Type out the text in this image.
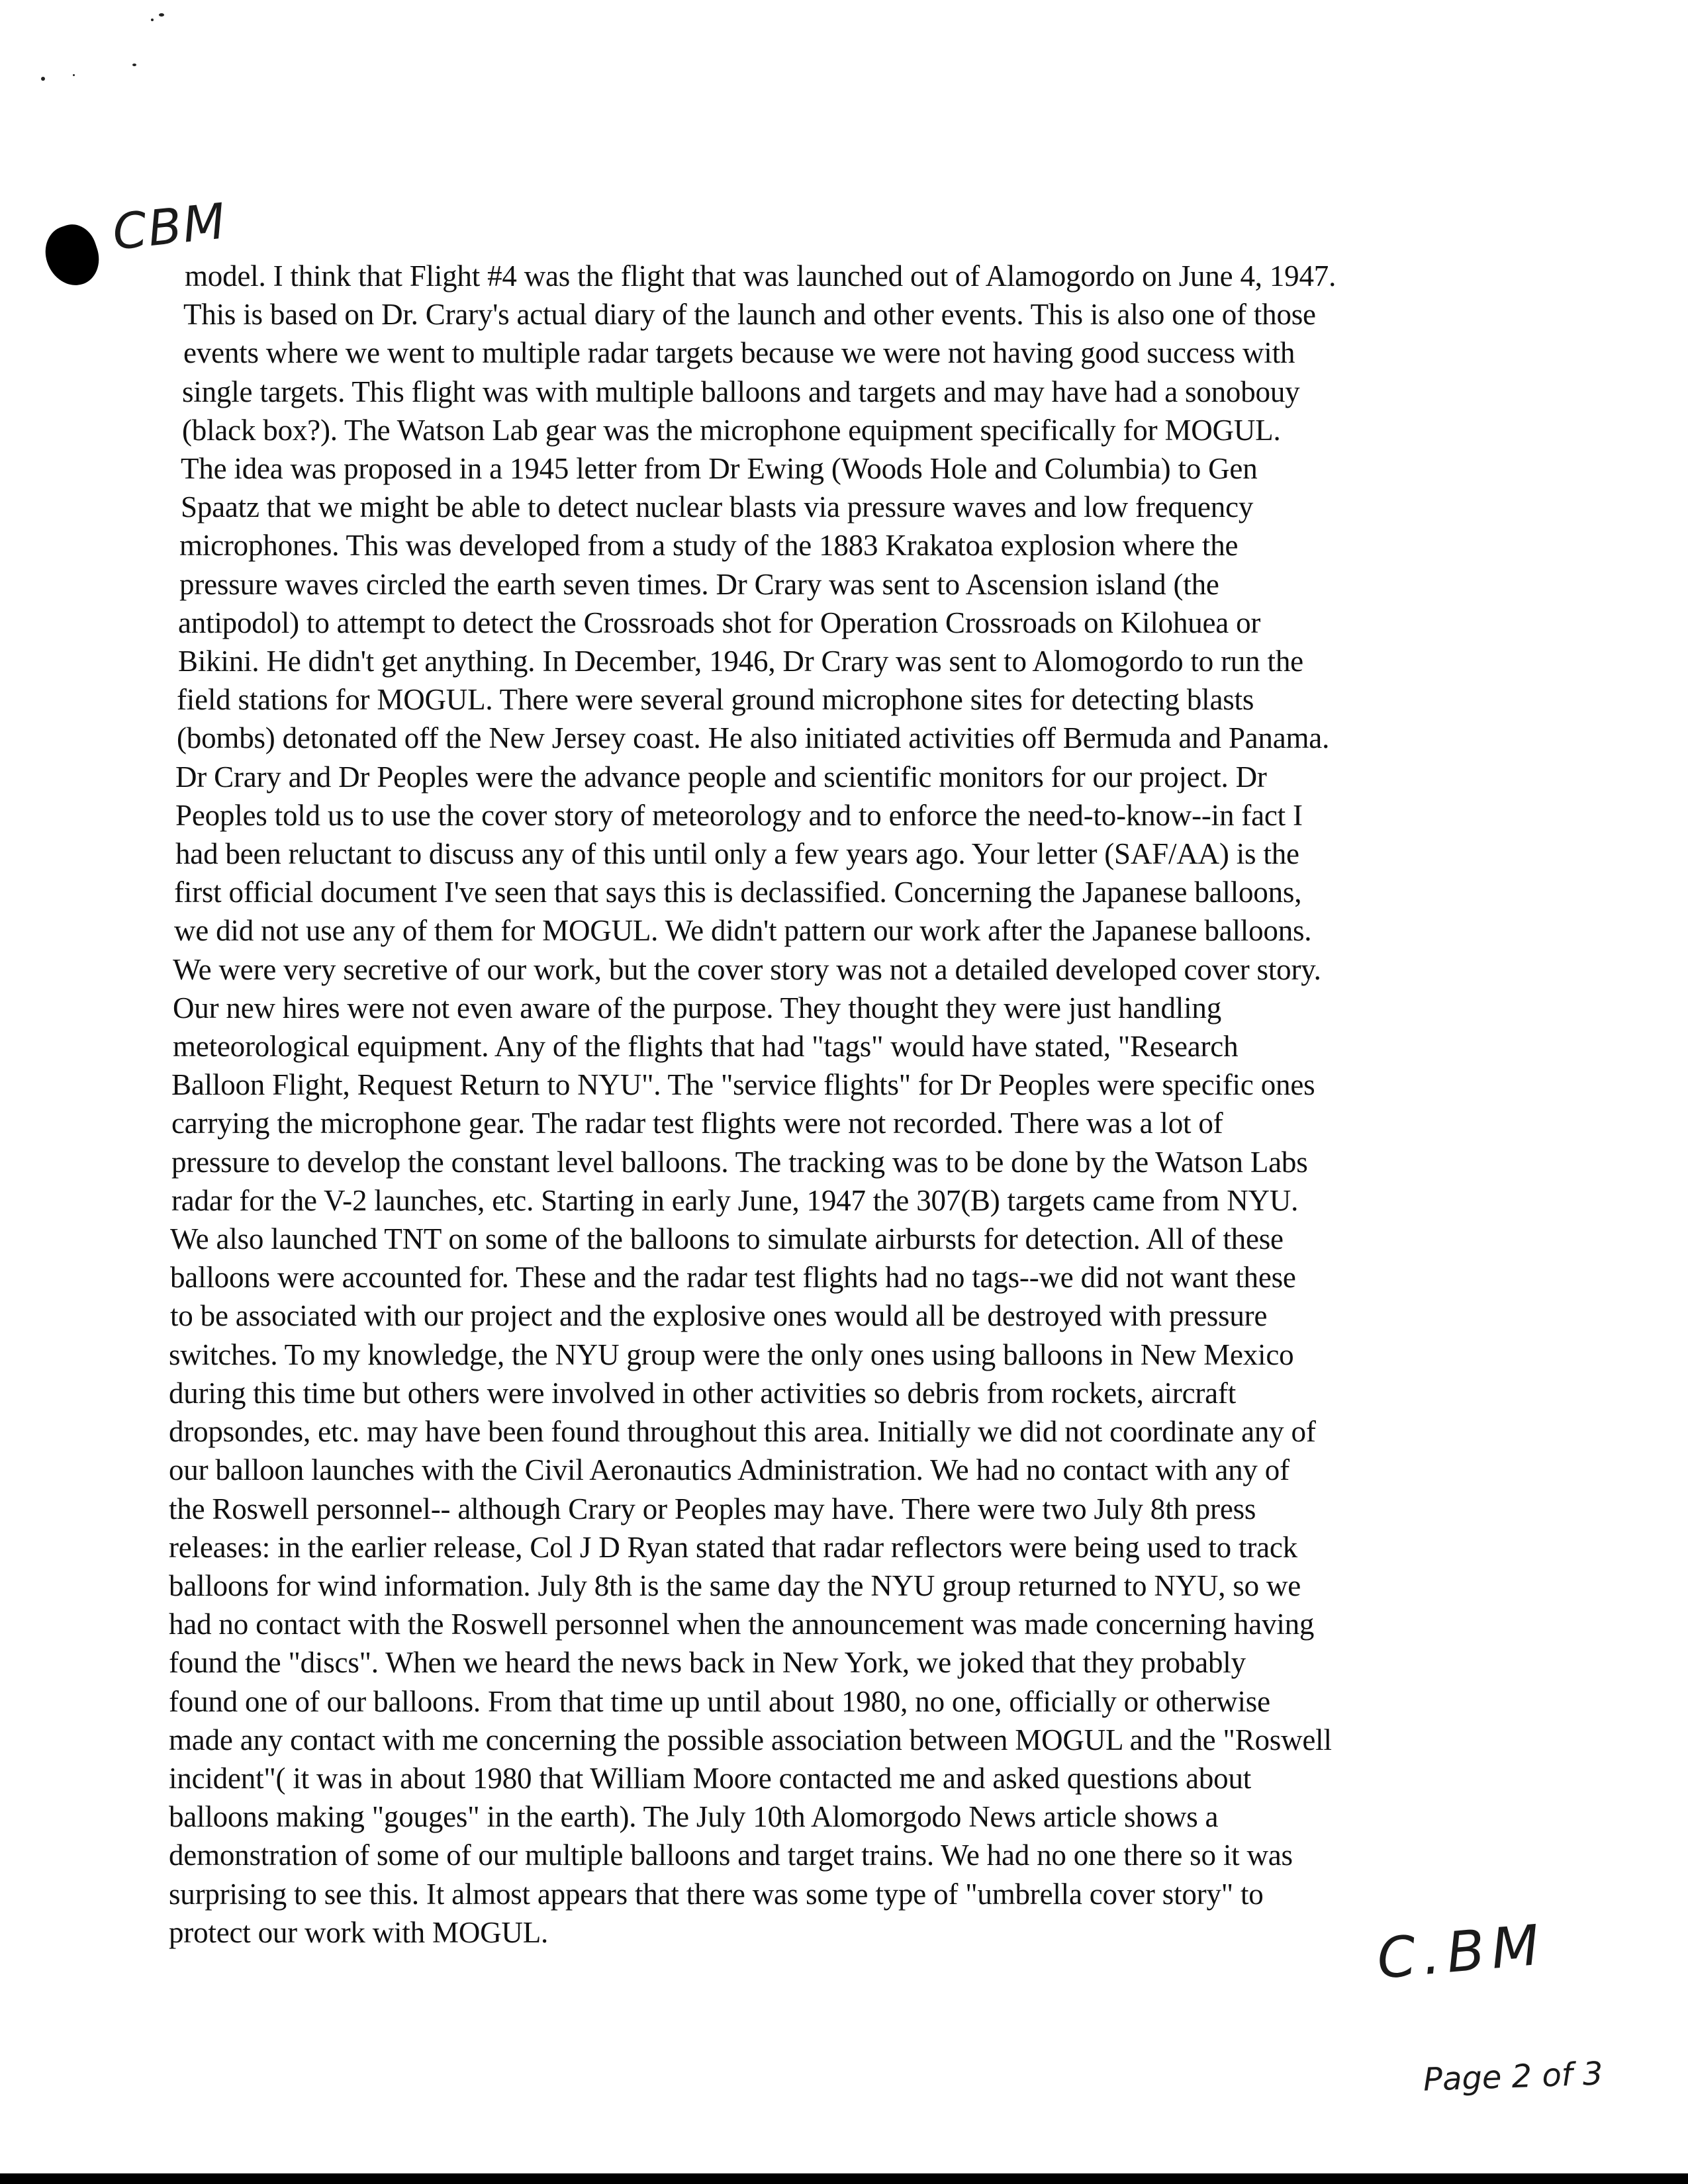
CBM
model. I think that Flight #4 was the flight that was launched out of Alamogordo on June 4, 1947.
This is based on Dr. Crary's actual diary of the launch and other events. This is also one of those
events where we went to multiple radar targets because we were not having good success with
single targets. This flight was with multiple balloons and targets and may have had a sonobouy
(black box?). The Watson Lab gear was the microphone equipment specifically for MOGUL.
The idea was proposed in a 1945 letter from Dr Ewing (Woods Hole and Columbia) to Gen
Spaatz that we might be able to detect nuclear blasts via pressure waves and low frequency
microphones. This was developed from a study of the 1883 Krakatoa explosion where the
pressure waves circled the earth seven times. Dr Crary was sent to Ascension island (the
antipodol) to attempt to detect the Crossroads shot for Operation Crossroads on Kilohuea or
Bikini. He didn't get anything. In December, 1946, Dr Crary was sent to Alomogordo to run the
field stations for MOGUL. There were several ground microphone sites for detecting blasts
(bombs) detonated off the New Jersey coast. He also initiated activities off Bermuda and Panama.
Dr Crary and Dr Peoples were the advance people and scientific monitors for our project. Dr
Peoples told us to use the cover story of meteorology and to enforce the need-to-know--in fact I
had been reluctant to discuss any of this until only a few years ago. Your letter (SAF/AA) is the
first official document I've seen that says this is declassified. Concerning the Japanese balloons,
we did not use any of them for MOGUL. We didn't pattern our work after the Japanese balloons.
We were very secretive of our work, but the cover story was not a detailed developed cover story.
Our new hires were not even aware of the purpose. They thought they were just handling
meteorological equipment. Any of the flights that had "tags" would have stated, "Research
Balloon Flight, Request Return to NYU". The "service flights" for Dr Peoples were specific ones
carrying the microphone gear. The radar test flights were not recorded. There was a lot of
pressure to develop the constant level balloons. The tracking was to be done by the Watson Labs
radar for the V-2 launches, etc. Starting in early June, 1947 the 307(B) targets came from NYU.
We also launched TNT on some of the balloons to simulate airbursts for detection. All of these
balloons were accounted for. These and the radar test flights had no tags--we did not want these
to be associated with our project and the explosive ones would all be destroyed with pressure
switches. To my knowledge, the NYU group were the only ones using balloons in New Mexico
during this time but others were involved in other activities so debris from rockets, aircraft
dropsondes, etc. may have been found throughout this area. Initially we did not coordinate any of
our balloon launches with the Civil Aeronautics Administration. We had no contact with any of
the Roswell personnel-- although Crary or Peoples may have. There were two July 8th press
releases: in the earlier release, Col J D Ryan stated that radar reflectors were being used to track
balloons for wind information. July 8th is the same day the NYU group returned to NYU, so we
had no contact with the Roswell personnel when the announcement was made concerning having
found the "discs". When we heard the news back in New York, we joked that they probably
found one of our balloons. From that time up until about 1980, no one, officially or otherwise
made any contact with me concerning the possible association between MOGUL and the "Roswell
incident"( it was in about 1980 that William Moore contacted me and asked questions about
balloons making "gouges" in the earth). The July 10th Alomorgodo News article shows a
demonstration of some of our multiple balloons and target trains. We had no one there so it was
surprising to see this. It almost appears that there was some type of "umbrella cover story" to
protect our work with MOGUL.	C.BM
Page 2 of 3
